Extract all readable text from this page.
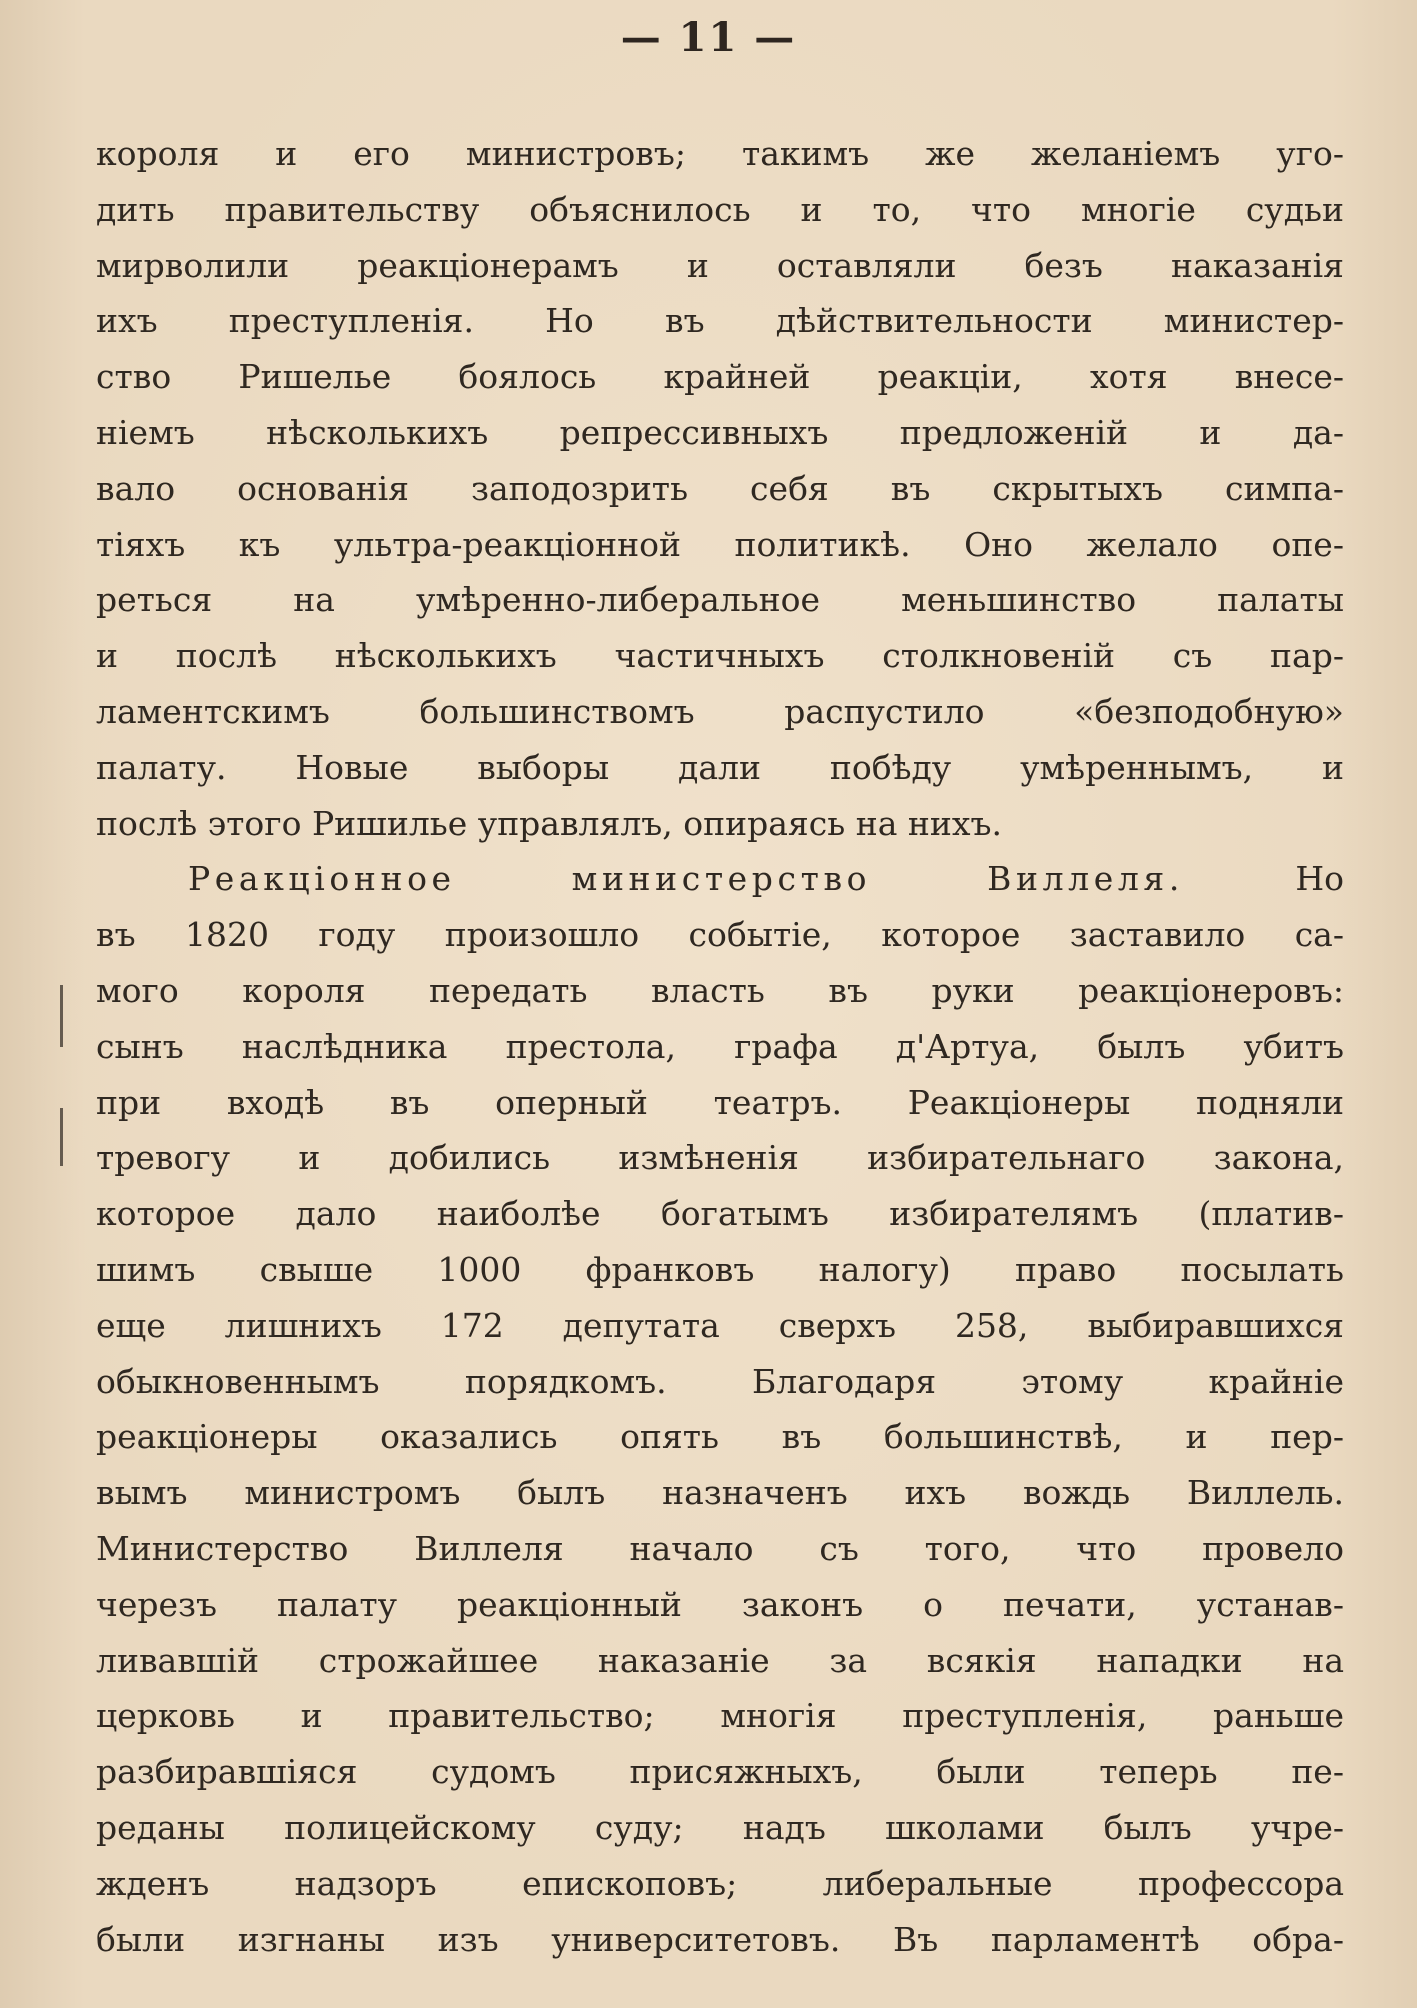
— 11 —
короля и его министровъ; такимъ же желаніемъ уго-
дить правительству объяснилось и то, что многіе судьи
мирволили реакціонерамъ и оставляли безъ наказанія
ихъ преступленія. Но въ дѣйствительности министер-
ство Ришелье боялось крайней реакціи, хотя внесе-
ніемъ нѣсколькихъ репрессивныхъ предложеній и да-
вало основанія заподозрить себя въ скрытыхъ симпа-
тіяхъ къ ультра-реакціонной политикѣ. Оно желало опе-
реться на умѣренно-либеральное меньшинство палаты
и послѣ нѣсколькихъ частичныхъ столкновеній съ пар-
ламентскимъ большинствомъ распустило «безподобную»
палату. Новые выборы дали побѣду умѣреннымъ, и
послѣ этого Ришилье управлялъ, опираясь на нихъ.
Реакціонное министерство Виллеля.	Но
въ 1820 году произошло событіе, которое заставило са-
мого короля передать власть въ руки реакціонеровъ:
сынъ наслѣдника престола, графа д'Артуа, былъ убитъ
при входѣ въ оперный театръ. Реакціонеры подняли
тревогу и добились измѣненія избирательнаго закона,
которое дало наиболѣе богатымъ избирателямъ (платив-
шимъ свыше 1000 франковъ налогу) право посылать
еще лишнихъ 172 депутата сверхъ 258, выбиравшихся
обыкновеннымъ порядкомъ. Благодаря этому крайніе
реакціонеры оказались опять въ большинствѣ, и пер-
вымъ министромъ былъ назначенъ ихъ вождь Виллель.
Министерство Виллеля начало съ того, что провело
черезъ палату реакціонный законъ о печати, устанав-
ливавшій строжайшее наказаніе за всякія нападки на
церковь и правительство; многія преступленія, раньше
разбиравшіяся судомъ присяжныхъ, были теперь пе-
реданы полицейскому суду; надъ школами былъ учре-
жденъ надзоръ епископовъ; либеральные профессора
были изгнаны изъ университетовъ. Въ парламентѣ обра-
